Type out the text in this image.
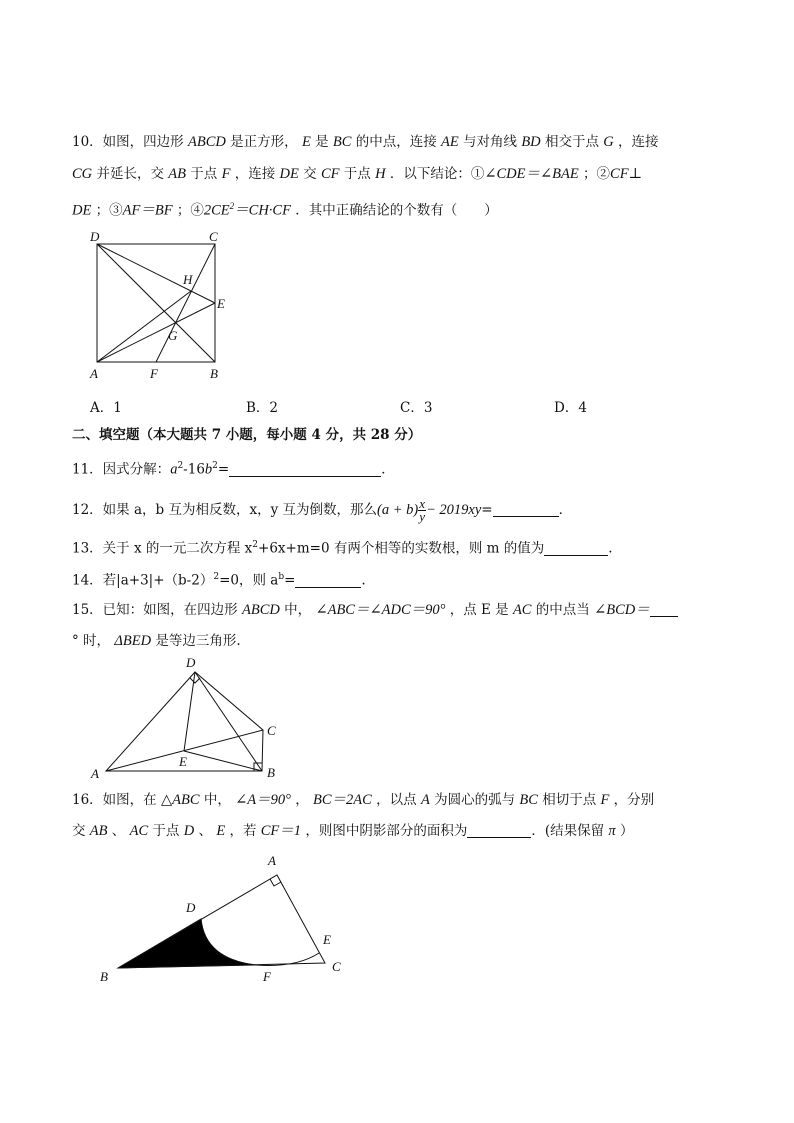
10．如图，四边形 ABCD 是正方形， E 是 BC 的中点，连接 AE 与对角线 BD 相交于点 G ，连接
CG 并延长，交 AB 于点 F ，连接 DE 交 CF 于点 H ．以下结论：①∠CDE＝∠BAE ；②CF⊥
DE ；③AF＝BF ；$④2CE^2=CH\cdot CF$ ．其中正确结论的个数有（　　）
D	C
H
E
G
A	F	B
A．1	B．2	C．3	D．4
二、填空题（本大题共 7 小题，每小题 4 分，共 28 分）
11．因式分解：$a^2-16b^2=$	．
12．如果 a，b 互为相反数，x，y 互为倒数，那么$(a + b) \frac{x}{y} - 2019xy=$	．
13．关于 x 的一元二次方程 $x^2+6x+m=0$ 有两个相等的实数根，则 m 的值为	.
14．若$|a+3|+(b-2)^2=0$，则 $a^b=$	.
15．已知：如图，在四边形 ABCD 中， ∠ABC＝∠ADC＝90° ，点 E 是 AC 的中点当 ∠BCD＝
° 时， ΔBED 是等边三角形.
D
C
E
A	B
16．如图，在 △ABC 中， ∠A＝90° ， BC＝2AC ，以点 A 为圆心的弧与 BC 相切于点 F ，分别
交 AB 、 AC 于点 D 、 E ，若 CF＝1 ，则图中阴影部分的面积为	．(结果保留 π ）
A
D
E
B	F
C
